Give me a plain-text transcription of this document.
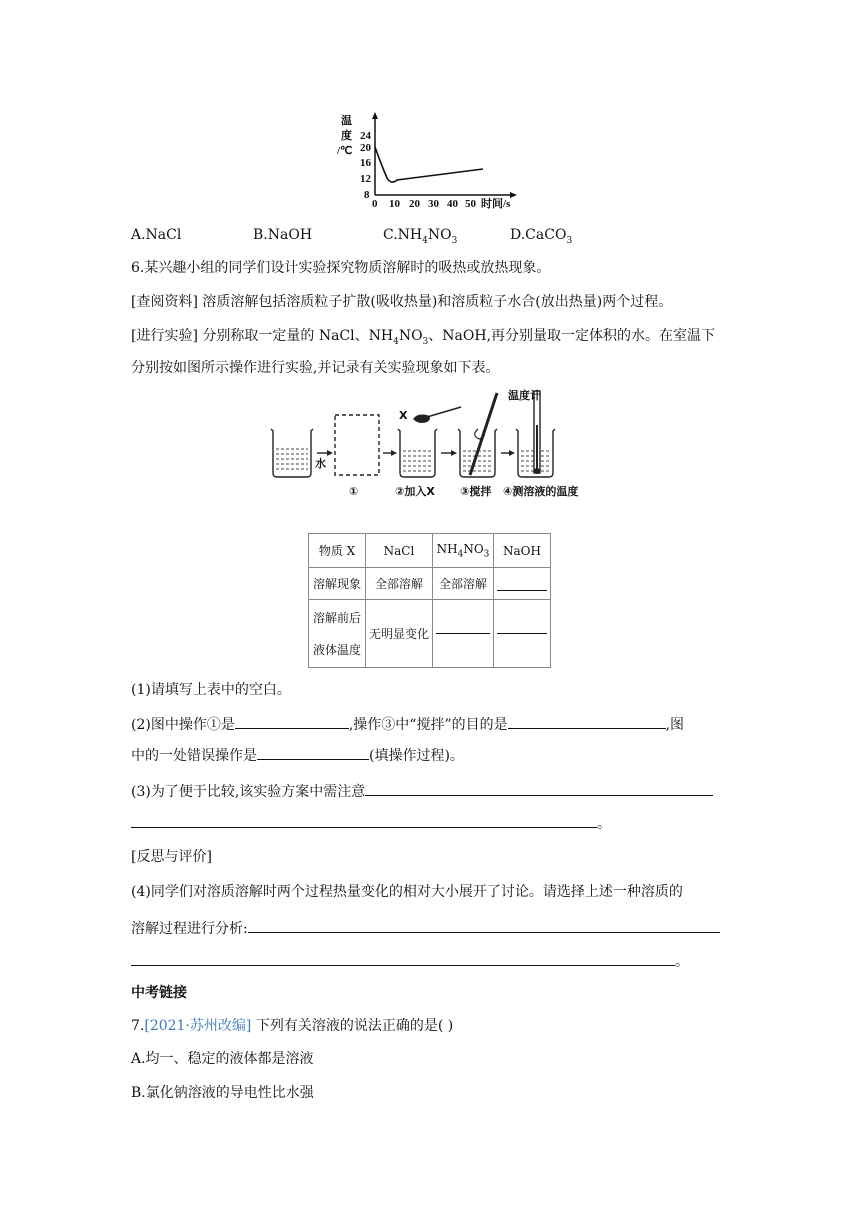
温
度
/℃
24
20
16
12
8
0 10 20 30 40 50 时间/s
A.NaCl	B.NaOH	$C.NH_4NO_3$	D.CaCO$_3$
6.某兴趣小组的同学们设计实验探究物质溶解时的吸热或放热现象。
[查阅资料] 溶质溶解包括溶质粒子扩散(吸收热量)和溶质粒子水合(放出热量)两个过程。
[进行实验] 分别称取一定量的 NaCl、$NH_4NO_3$、NaOH,再分别量取一定体积的水。在室温下
分别按如图所示操作进行实验,并记录有关实验现象如下表。
X
温度计
水
①	②加入X ③搅拌 ④测溶液的温度
物质 X	NaCl	$NH_4NO_3$	NaOH
溶解现象	全部溶解	全部溶解	

溶解前后
液体温度	无明显变化	

(1)请填写上表中的空白。
(2)图中操作①是	,操作③中“搅拌”的目的是	,图
中的一处错误操作是	(填操作过程)。
(3)为了便于比较,该实验方案中需注意
。
[反思与评价]
(4)同学们对溶质溶解时两个过程热量变化的相对大小展开了讨论。请选择上述一种溶质的
溶解过程进行分析:
。
中考链接
7.[2021·苏州改编] 下列有关溶液的说法正确的是( )
A.均一、稳定的液体都是溶液
B.氯化钠溶液的导电性比水强
